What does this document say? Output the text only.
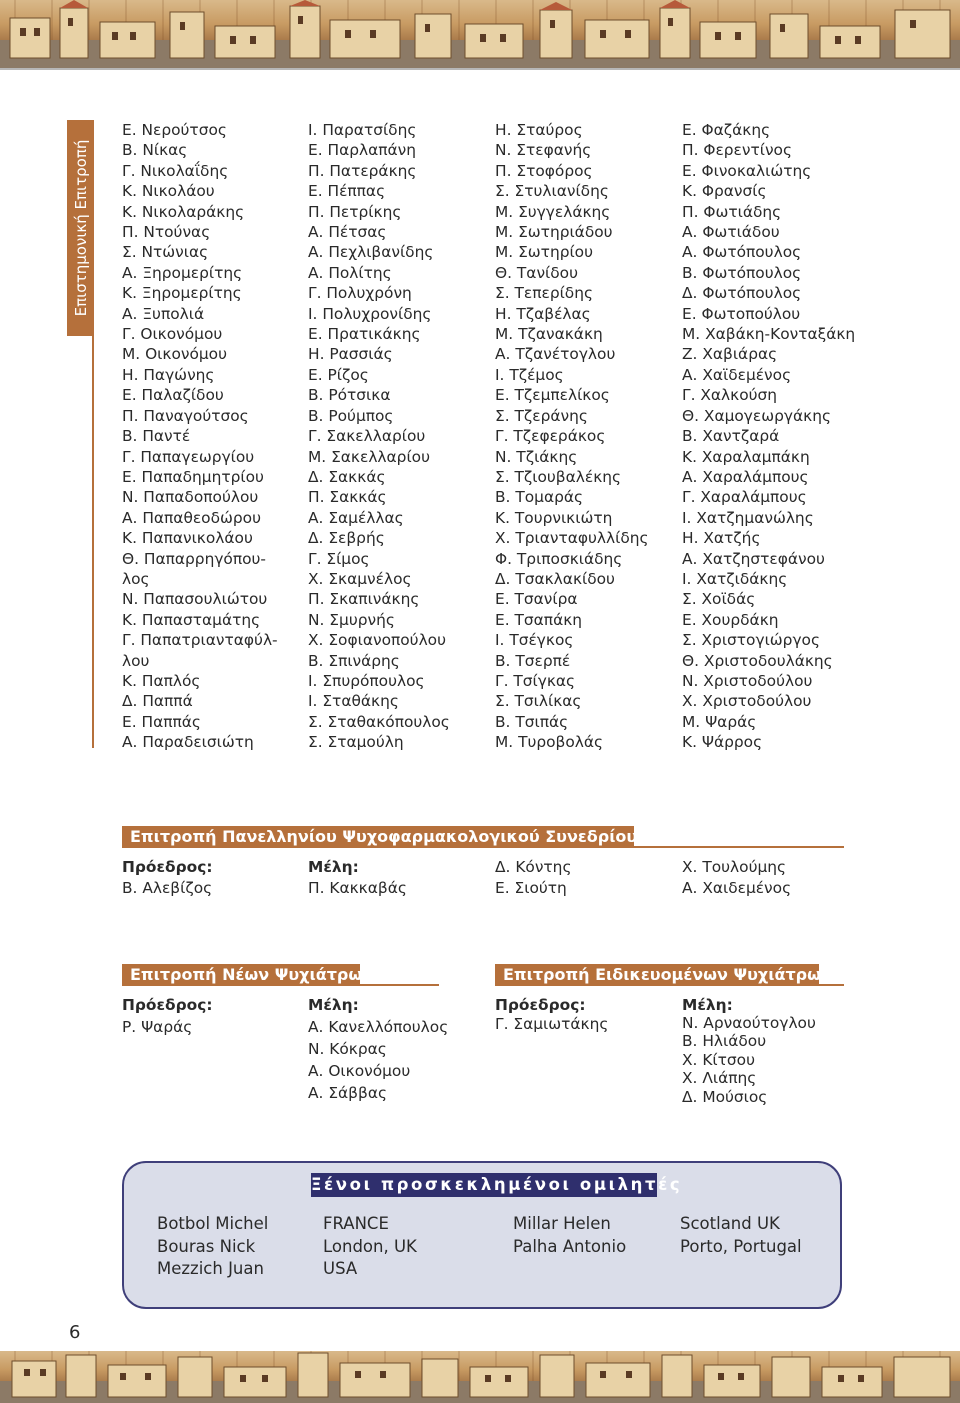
Επιστημονική Επιτροπή
Ε. Νερούτσος
Β. Νίκας
Γ. Νικολαΐδης
Κ. Νικολάου
Κ. Νικολαράκης
Π. Ντούνας
Σ. Ντώνιας
Α. Ξηρομερίτης
Κ. Ξηρομερίτης
Α. Ξυπολιά
Γ. Οικονόμου
Μ. Οικονόμου
Η. Παγώνης
Ε. Παλαζίδου
Π. Παναγούτσος
Β. Παντέ
Γ. Παπαγεωργίου
Ε. Παπαδημητρίου
Ν. Παπαδοπούλου
Α. Παπαθεοδώρου
Κ. Παπανικολάου
Θ. Παπαρρηγόπου-
λος
Ν. Παπασουλιώτου
Κ. Παπασταμάτης
Γ. Παπατριανταφύλ-
λου
Κ. Παπλός
Δ. Παππά
Ε. Παππάς
Α. Παραδεισιώτη
Ι. Παρατσίδης
Ε. Παρλαπάνη
Π. Πατεράκης
Ε. Πέππας
Π. Πετρίκης
Α. Πέτσας
Α. Πεχλιβανίδης
Α. Πολίτης
Γ. Πολυχρόνη
Ι. Πολυχρονίδης
Ε. Πρατικάκης
Η. Ρασσιάς
Ε. Ρίζος
Β. Ρότσικα
Β. Ρούμπος
Γ. Σακελλαρίου
Μ. Σακελλαρίου
Δ. Σακκάς
Π. Σακκάς
Α. Σαμέλλας
Δ. Σεβρής
Γ. Σίμος
Χ. Σκαμνέλος
Π. Σκαπινάκης
Ν. Σμυρνής
Χ. Σοφιανοπούλου
Β. Σπινάρης
Ι. Σπυρόπουλος
Ι. Σταθάκης
Σ. Σταθακόπουλος
Σ. Σταμούλη
Η. Σταύρος
Ν. Στεφανής
Π. Στοφόρος
Σ. Στυλιανίδης
Μ. Συγγελάκης
Μ. Σωτηριάδου
Μ. Σωτηρίου
Θ. Τανίδου
Σ. Τεπερίδης
Η. Τζαβέλας
Μ. Τζανακάκη
Α. Τζανέτογλου
Ι. Τζέμος
Ε. Τζεμπελίκος
Σ. Τζεράνης
Γ. Τζεφεράκος
Ν. Τζιάκης
Σ. Τζιουβαλέκης
Β. Τομαράς
Κ. Τουρνικιώτη
Χ. Τριανταφυλλίδης
Φ. Τριποσκιάδης
Δ. Τσακλακίδου
Ε. Τσανίρα
Ε. Τσαπάκη
Ι. Τσέγκος
Β. Τσερπέ
Γ. Τσίγκας
Σ. Τσιλίκας
Β. Τσιπάς
Μ. Τυροβολάς
Ε. Φαζάκης
Π. Φερεντίνος
Ε. Φινοκαλιώτης
Κ. Φρανσίς
Π. Φωτιάδης
Α. Φωτιάδου
Α. Φωτόπουλος
Β. Φωτόπουλος
Δ. Φωτόπουλος
Ε. Φωτοπούλου
Μ. Χαβάκη-Κονταξάκη
Ζ. Χαβιάρας
Α. Χαϊδεμένος
Γ. Χαλκούση
Θ. Χαμογεωργάκης
Β. Χαντζαρά
Κ. Χαραλαμπάκη
Α. Χαραλάμπους
Γ. Χαραλάμπους
Ι. Χατζημανώλης
Η. Χατζής
Α. Χατζηστεφάνου
Ι. Χατζιδάκης
Σ. Χοϊδάς
Ε. Χουρδάκη
Σ. Χριστογιώργος
Θ. Χριστοδουλάκης
Ν. Χριστοδούλου
Χ. Χριστοδούλου
Μ. Ψαράς
Κ. Ψάρρος
Επιτροπή Πανελληνίου Ψυχοφαρμακολογικού Συνεδρίου
Πρόεδρος:
Β. Αλεβίζος
Μέλη:
Π. Κακκαβάς
Δ. Κόντης
Ε. Σιούτη
Χ. Τουλούμης
Α. Χαιδεμένος
Επιτροπή Νέων Ψυχιάτρων
Πρόεδρος:
Ρ. Ψαράς
Μέλη:
Α. Κανελλόπουλος
Ν. Κόκρας
Α. Οικονόμου
Α. Σάββας
Επιτροπή Ειδικευομένων Ψυχιάτρων
Πρόεδρος:
Γ. Σαμιωτάκης
Μέλη:
Ν. Αρναούτογλου
Β. Ηλιάδου
Χ. Κίτσου
Χ. Λιάπης
Δ. Μούσιος
Ξένοι προσκεκλημένοι ομιλητές
Botbol Michel
Bouras Nick
Mezzich Juan
FRANCE
London, UK
USA
Millar Helen
Palha Antonio
Scotland UK
Porto, Portugal
6
